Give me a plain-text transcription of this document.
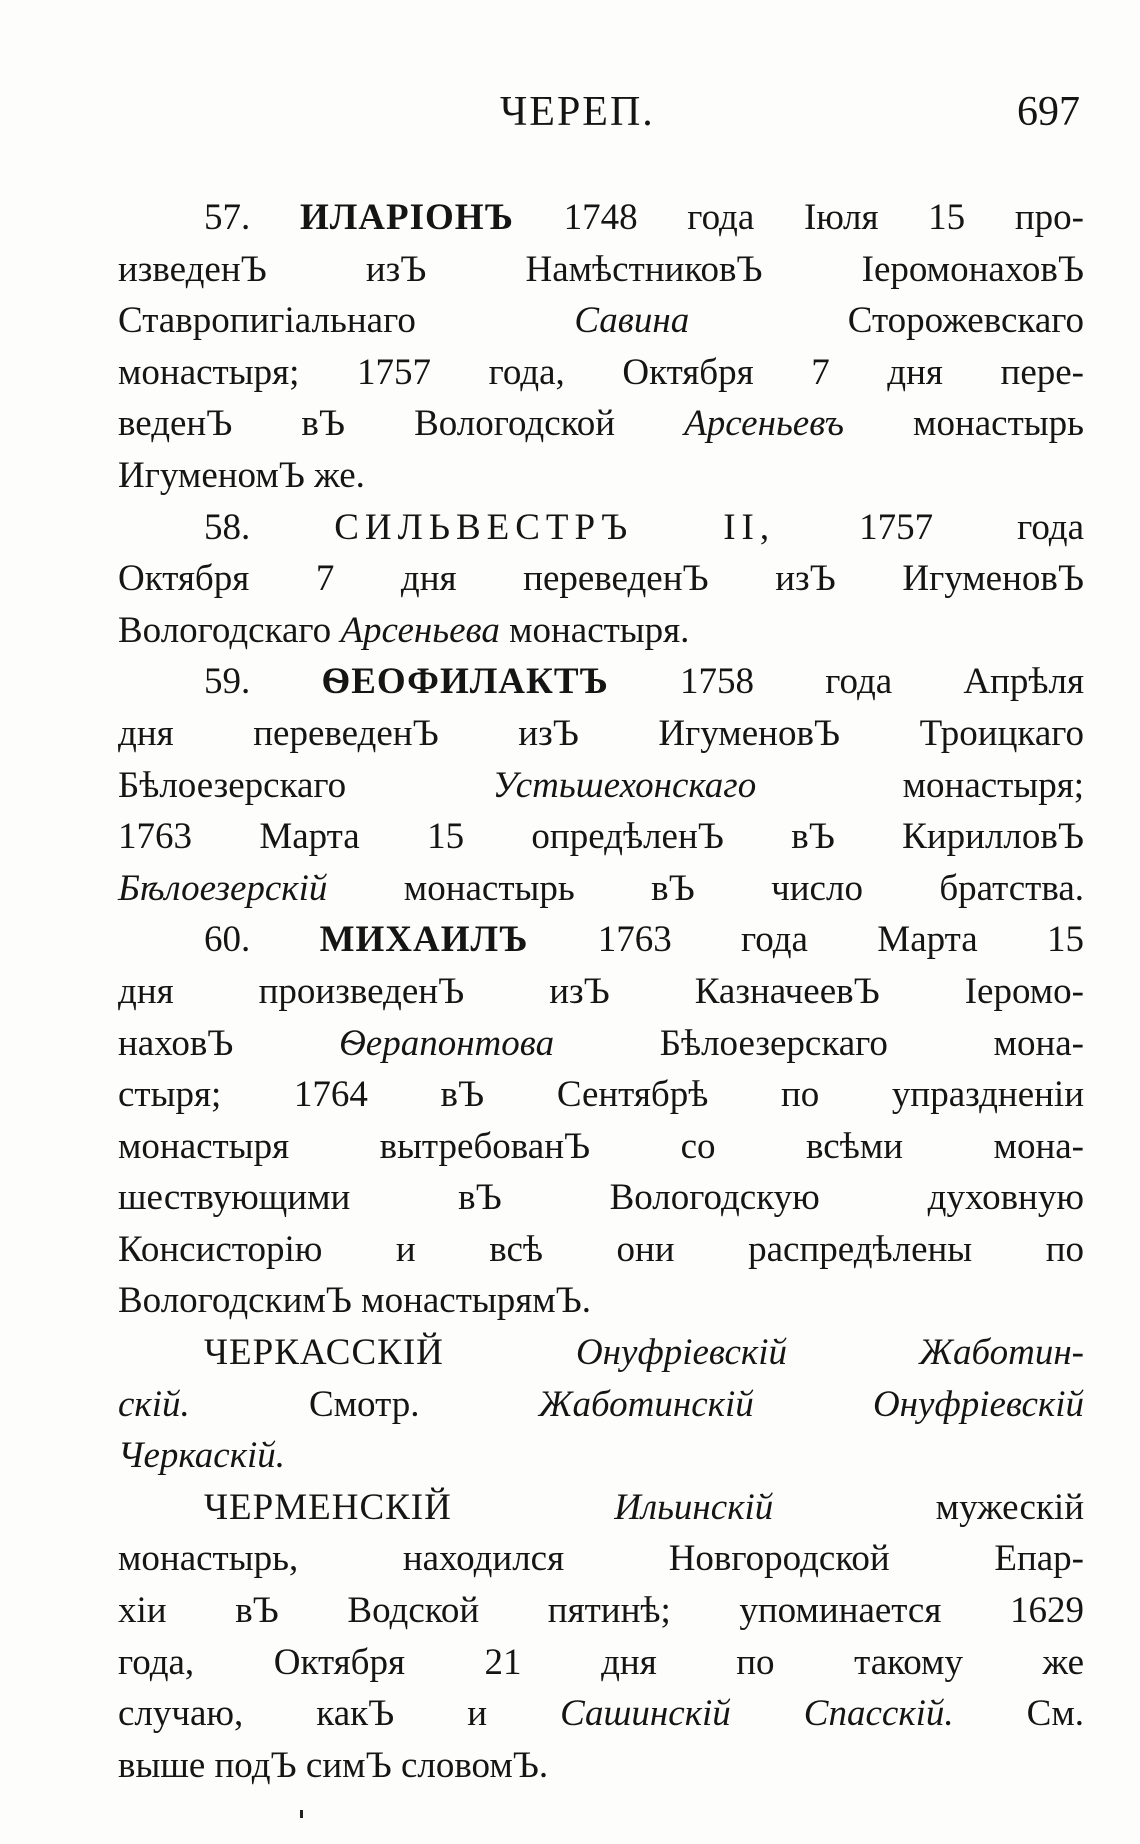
ЧЕРЕП.	697
57. ИЛАРІОНЪ 1748 года Іюля 15 про-
изведенЪ изЪ НамѣстниковЪ ІеромонаховЪ
Ставропигіальнаго	Савина	Сторожевскаго
монастыря; 1757 года, Октября 7 дня пере-
веденЪ вЪ Вологодской Арсеньевъ монастырь
ИгуменомЪ же.
58. СИЛЬВЕСТРЪ II, 1757 года
Октября 7 дня переведенЪ изЪ ИгуменовЪ
Вологодскаго Арсеньева монастыря.
59. ѲЕОФИЛАКТЪ 1758 года Апрѣля
дня переведенЪ изЪ ИгуменовЪ Троицкаго
Бѣлоезерскаго	Устьшехонскаго	монастыря;
1763 Марта 15 опредѣленЪ вЪ КирилловЪ
Бѣлоезерскій монастырь вЪ число братства.
60. МИХАИЛЪ 1763 года Марта 15
дня произведенЪ изЪ КазначеевЪ Іеромо-
наховЪ	Ѳерапонтова	Бѣлоезерскаго мона-
стыря; 1764 вЪ Сентябрѣ по упраздненіи
монастыря вытребованЪ со всѣми мона-
шествующими вЪ Вологодскую духовную
Консисторію и всѣ они распредѣлены по
ВологодскимЪ монастырямЪ.
ЧЕРКАССКІЙ	Онуфріевскій Жаботин-
скій.	Смотр.	Жаботинскій Онуфріевскій
Черкаскій.
ЧЕРМЕНСКІЙ	Ильинскій	мужескій
монастырь, находился Новгородской Епар-
хіи вЪ Водской пятинѣ; упоминается 1629
года, Октября 21 дня по такому же
случаю, какЪ и Сашинскій Спасскій. См.
выше подЪ симЪ словомЪ.
